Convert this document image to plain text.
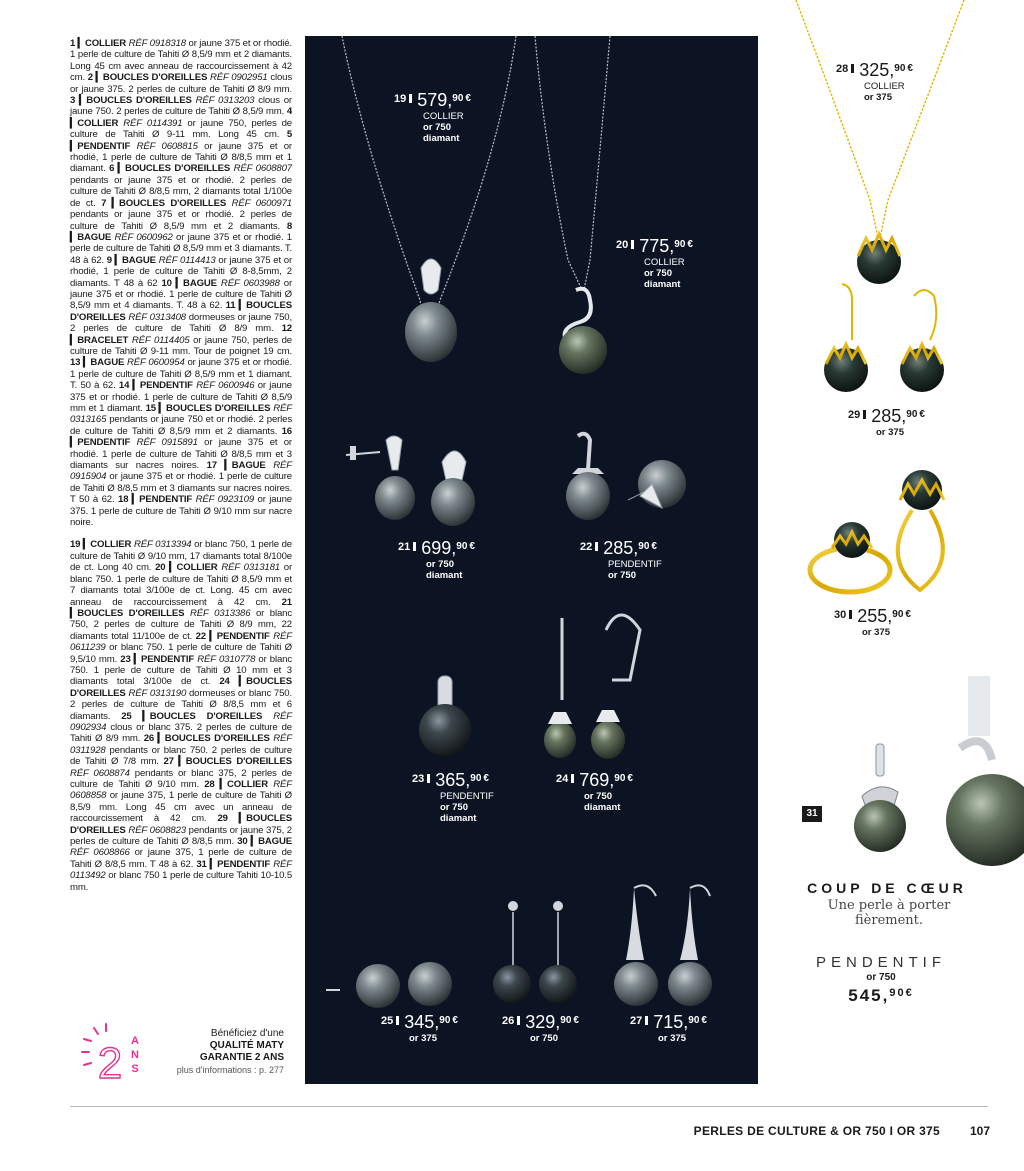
1 ▎COLLIER RÉF 0918318 or jaune 375 et or rhodié. 1 perle de culture de Tahiti Ø 8,5/9 mm et 2 diamants. Long 45 cm avec anneau de raccourcissement à 42 cm. 2 ▎BOUCLES D'OREILLES RÉF 0902951 clous or jaune 375. 2 perles de culture de Tahiti Ø 8/9 mm. 3 ▎BOUCLES D'OREILLES RÉF 0313203 clous or jaune 750. 2 perles de culture de Tahiti Ø 8,5/9 mm. 4 ▎COLLIER RÉF 0114391 or jaune 750, perles de culture de Tahiti Ø 9-11 mm. Long 45 cm. 5 ▎PENDENTIF RÉF 0608815 or jaune 375 et or rhodié, 1 perle de culture de Tahiti Ø 8/8,5 mm et 1 diamant. 6 ▎BOUCLES D'OREILLES RÉF 0608807 pendants or jaune 375 et or rhodié. 2 perles de culture de Tahiti Ø 8/8,5 mm, 2 diamants total 1/100e de ct. 7 ▎BOUCLES D'OREILLES RÉF 0600971 pendants or jaune 375 et or rhodié. 2 perles de culture de Tahiti Ø 8,5/9 mm et 2 diamants. 8 ▎BAGUE RÉF 0600962 or jaune 375 et or rhodié. 1 perle de culture de Tahiti Ø 8,5/9 mm et 3 diamants. T. 48 à 62. 9 ▎BAGUE RÉF 0114413 or jaune 375 et or rhodié, 1 perle de culture de Tahiti Ø 8-8,5mm, 2 diamants. T 48 à 62 10 ▎BAGUE RÉF 0603988 or jaune 375 et or rhodié. 1 perle de culture de Tahiti Ø 8,5/9 mm et 4 diamants. T. 48 à 62. 11 ▎BOUCLES D'OREILLES RÉF 0313408 dormeuses or jaune 750, 2 perles de culture de Tahiti Ø 8/9 mm. 12 ▎BRACELET RÉF 0114405 or jaune 750, perles de culture de Tahiti Ø 9-11 mm. Tour de poignet 19 cm. 13 ▎BAGUE RÉF 0600954 or jaune 375 et or rhodié. 1 perle de culture de Tahiti Ø 8,5/9 mm et 1 diamant. T. 50 à 62. 14 ▎PENDENTIF RÉF 0600946 or jaune 375 et or rhodié. 1 perle de culture de Tahiti Ø 8,5/9 mm et 1 diamant. 15 ▎BOUCLES D'OREILLES RÉF 0313165 pendants or jaune 750 et or rhodié. 2 perles de culture de Tahiti Ø 8,5/9 mm et 2 diamants. 16 ▎PENDENTIF RÉF 0915891 or jaune 375 et or rhodié. 1 perle de culture de Tahiti Ø 8/8,5 mm et 3 diamants sur nacres noires. 17 ▎BAGUE RÉF 0915904 or jaune 375 et or rhodié. 1 perle de culture de Tahiti Ø 8/8,5 mm et 3 diamants sur nacres noires. T 50 à 62. 18 ▎PENDENTIF RÉF 0923109 or jaune 375. 1 perle de culture de Tahiti Ø 9/10 mm sur nacre noire.

19 ▎COLLIER RÉF 0313394 or blanc 750, 1 perle de culture de Tahiti Ø 9/10 mm, 17 diamants total 8/100e de ct. Long 40 cm. 20 ▎COLLIER RÉF 0313181 or blanc 750. 1 perle de culture de Tahiti Ø 8,5/9 mm et 7 diamants total 3/100e de ct. Long. 45 cm avec anneau de raccourcissement à 42 cm. 21 ▎BOUCLES D'OREILLES RÉF 0313386 or blanc 750, 2 perles de culture de Tahiti Ø 8/9 mm, 22 diamants total 11/100e de ct. 22 ▎PENDENTIF RÉF 0611239 or blanc 750. 1 perle de culture de Tahiti Ø 9,5/10 mm. 23 ▎PENDENTIF RÉF 0310778 or blanc 750. 1 perle de culture de Tahiti Ø 10 mm et 3 diamants total 3/100e de ct. 24 ▎BOUCLES D'OREILLES RÉF 0313190 dormeuses or blanc 750. 2 perles de culture de Tahiti Ø 8/8,5 mm et 6 diamants. 25 ▎BOUCLES D'OREILLES RÉF 0902934 clous or blanc 375. 2 perles de culture de Tahiti Ø 8/9 mm. 26 ▎BOUCLES D'OREILLES RÉF 0311928 pendants or blanc 750. 2 perles de culture de Tahiti Ø 7/8 mm. 27 ▎BOUCLES D'OREILLES RÉF 0608874 pendants or blanc 375, 2 perles de culture de Tahiti Ø 9/10 mm. 28 ▎COLLIER RÉF 0608858 or jaune 375, 1 perle de culture de Tahiti Ø 8,5/9 mm. Long 45 cm avec un anneau de raccourcissement à 42 cm. 29 ▎BOUCLES D'OREILLES RÉF 0608823 pendants or jaune 375, 2 perles de culture de Tahiti Ø 8/8,5 mm. 30 ▎BAGUE RÉF 0608866 or jaune 375, 1 perle de culture de Tahiti Ø 8/8,5 mm. T 48 à 62. 31 ▎PENDENTIF RÉF 0113492 or blanc 750 1 perle de culture Tahiti 10-10.5 mm.

2 A N S
Bénéficiez d'une
QUALITÉ MATY
GARANTIE 2 ANS
plus d'informations : p. 277
$^{19}$ 579,90 €
COLLIER
or 750
diamant
$^{20}$ 775,90 €
COLLIER
or 750
diamant
$^{21}$ 699,90 €
or 750
diamant
$^{22}$ 285,90 €
PENDENTIF
or 750
$^{23}$ 365,90 €
PENDENTIF
or 750
diamant
$^{24}$ 769,90 €
or 750
diamant
$^{25}$ 345,90 €
or 375
$^{26}$ 329,90 €
or 750
$^{27}$ 715,90 €
or 375
$^{28}$ 325,90 €
COLLIER
or 375
$^{29}$ 285,90 €
or 375
$^{30}$ 255,90 €
or 375
31
COUP DE CŒUR
Une perle à porter fièrement.
PENDENTIF
or 750
545,$^{90€}$
PERLES DE CULTURE & OR 750 I OR 375	107
